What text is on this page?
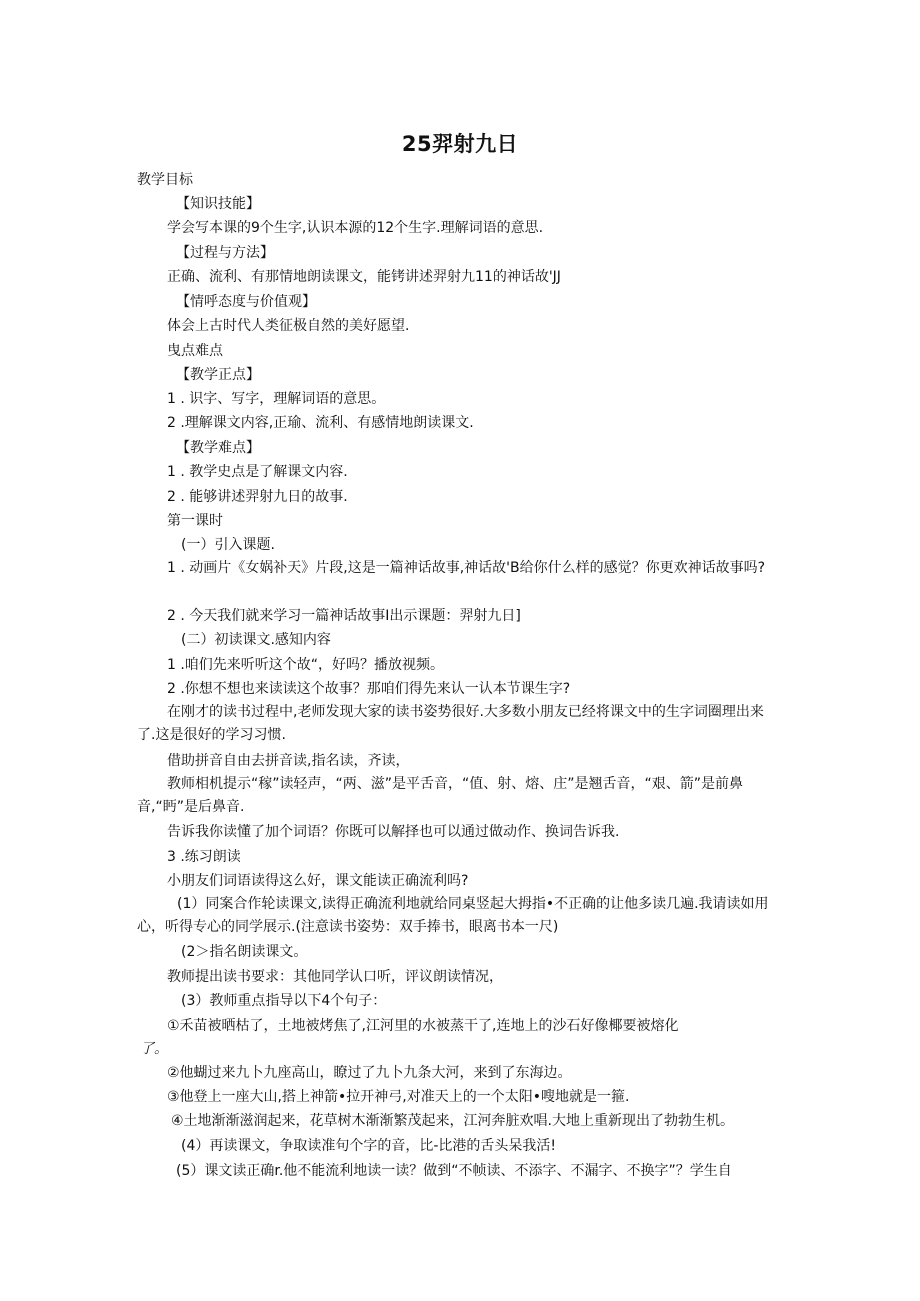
25羿射九日
教学目标
【知识技能】
学会写本课的9个生字,认识本源的12个生字.理解词语的意思.
【过程与方法】
正确、流利、有那情地朗读课文，能铐讲述羿射九11的神话故'JJ
【情呼态度与价值观】
体会上古时代人类征极自然的美好愿望.
曳点难点
【教学正点】
1 . 识字、写字，理解词语的意思。
2 .理解课文内容,正瑜、流利、有感情地朗读课文.
【教学难点】
1 . 教学史点是了解课文内容.
2 . 能够讲述羿射九日的故事.
第一课时
(一）引入课题.
1 . 动画片《女娲补天》片段,这是一篇神话故事,神话故'B给你什么样的感觉？你更欢神话故事吗?
2 . 今天我们就来学习一篇神话故事I出示课题：羿射九日]
(二）初读课文.感知内容
1 .咱们先来听听这个故“，好吗？播放视频。
2 .你想不想也来读读这个故事？那咱们得先来认一认本节课生字?
在刚才的读书过程中,老师发现大家的读书姿势很好.大多数小朋友已经将课文中的生字词圈理出来了.这是很好的学习习惯.
借助拼音自由去拼音读,指名读，齐读，
教师相机提示“稼”读轻声，“两、滋”是平舌音，“值、射、熔、庄”是翘舌音，“艰、箭”是前鼻音,“眄”是后鼻音.
告诉我你读懂了加个词语？你既可以解择也可以通过做动作、换词告诉我.
3 .练习朗读
小朋友们词语读得这么好，课文能读正确流利吗?
(1）同案合作轮读课文,读得正确流利地就给同桌竖起大拇指•不正确的让他多读几遍.我请读如用心，听得专心的同学展示.(注意读书姿势：双手捧书，眼离书本一尺)
(2＞指名朗读课文。
教师提出读书要求：其他同学认口听，评议朗读情况，
(3）教师重点指导以下4个句子：
①禾苗被晒枯了，土地被烤焦了,江河里的水被蒸干了,连地上的沙石好像椰要被熔化
了。
②他蝴过来九卜九座高山，瞭过了九卜九条大河，来到了东海边。
③他登上一座大山,搭上神箭•拉开神弓,对准天上的一个太阳•嗖地就是一箍.
④土地渐渐滋润起来，花草树木渐渐繁茂起来，江河奔脏欢唱.大地上重新现出了勃勃生机。
(4）再读课文，争取读准句个字的音，比-比港的舌头呆我活!
(5）课文读正确r.他不能流利地读一读？做到“不帧读、不添字、不漏字、不换字”？学生自
